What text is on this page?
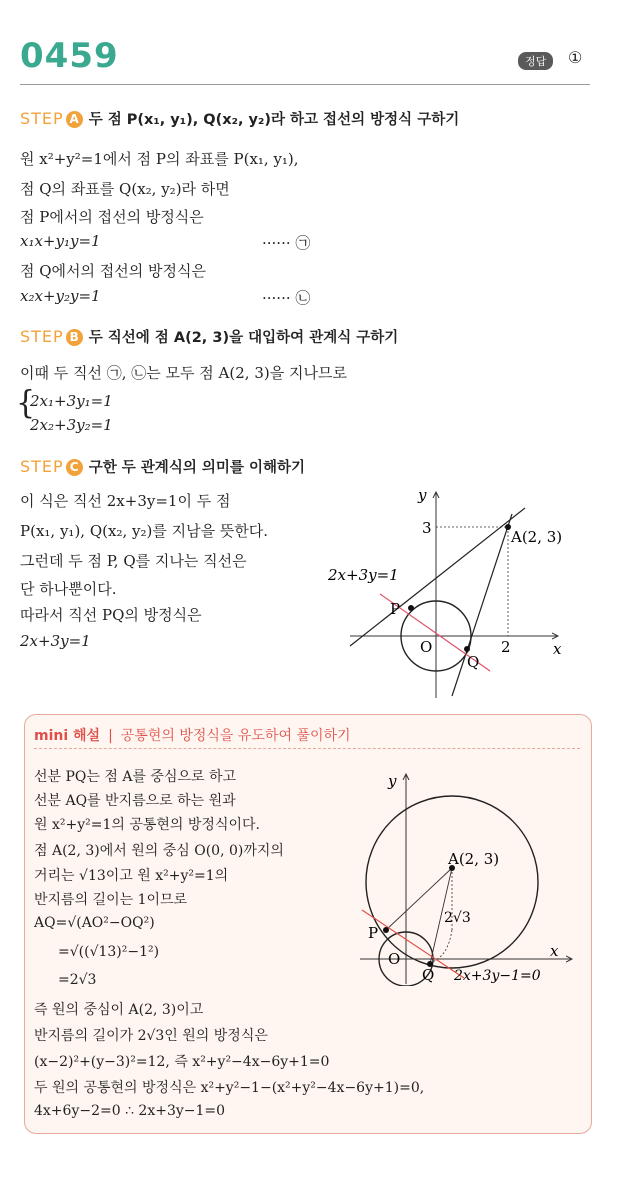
0459	정답	①
STEP A 두 점 P(x₁, y₁), Q(x₂, y₂)라 하고 접선의 방정식 구하기
원 x²+y²=1에서 점 P의 좌표를 P(x₁, y₁),
점 Q의 좌표를 Q(x₂, y₂)라 하면
점 P에서의 접선의 방정식은
x₁x+y₁y=1	······ ㉠
점 Q에서의 접선의 방정식은
x₂x+y₂y=1	······ ㉡
STEP B 두 직선에 점 A(2, 3)을 대입하여 관계식 구하기
이때 두 직선 ㉠, ㉡는 모두 점 A(2, 3)을 지나므로
{
2x₁+3y₁=1
2x₂+3y₂=1
STEP C 구한 두 관계식의 의미를 이해하기
이 식은 직선 2x+3y=1이 두 점
P(x₁, y₁), Q(x₂, y₂)를 지남을 뜻한다.
그런데 두 점 P, Q를 지나는 직선은
단 하나뿐이다.
따라서 직선 PQ의 방정식은
2x+3y=1
y
x
O
3
2
A(2, 3)
P
Q
2x+3y=1
mini 해설 | 공통현의 방정식을 유도하여 풀이하기
선분 PQ는 점 A를 중심으로 하고
선분 AQ를 반지름으로 하는 원과
원 x²+y²=1의 공통현의 방정식이다.
점 A(2, 3)에서 원의 중심 O(0, 0)까지의
거리는 √13이고 원 x²+y²=1의
반지름의 길이는 1이므로
AQ=√(AO²−OQ²)
=√((√13)²−1²)
=2√3
즉 원의 중심이 A(2, 3)이고
반지름의 길이가 2√3인 원의 방정식은
(x−2)²+(y−3)²=12, 즉 x²+y²−4x−6y+1=0
두 원의 공통현의 방정식은 x²+y²−1−(x²+y²−4x−6y+1)=0,
4x+6y−2=0 ∴ 2x+3y−1=0
y
x
O
A(2, 3)
P
Q
2√3
2x+3y−1=0
